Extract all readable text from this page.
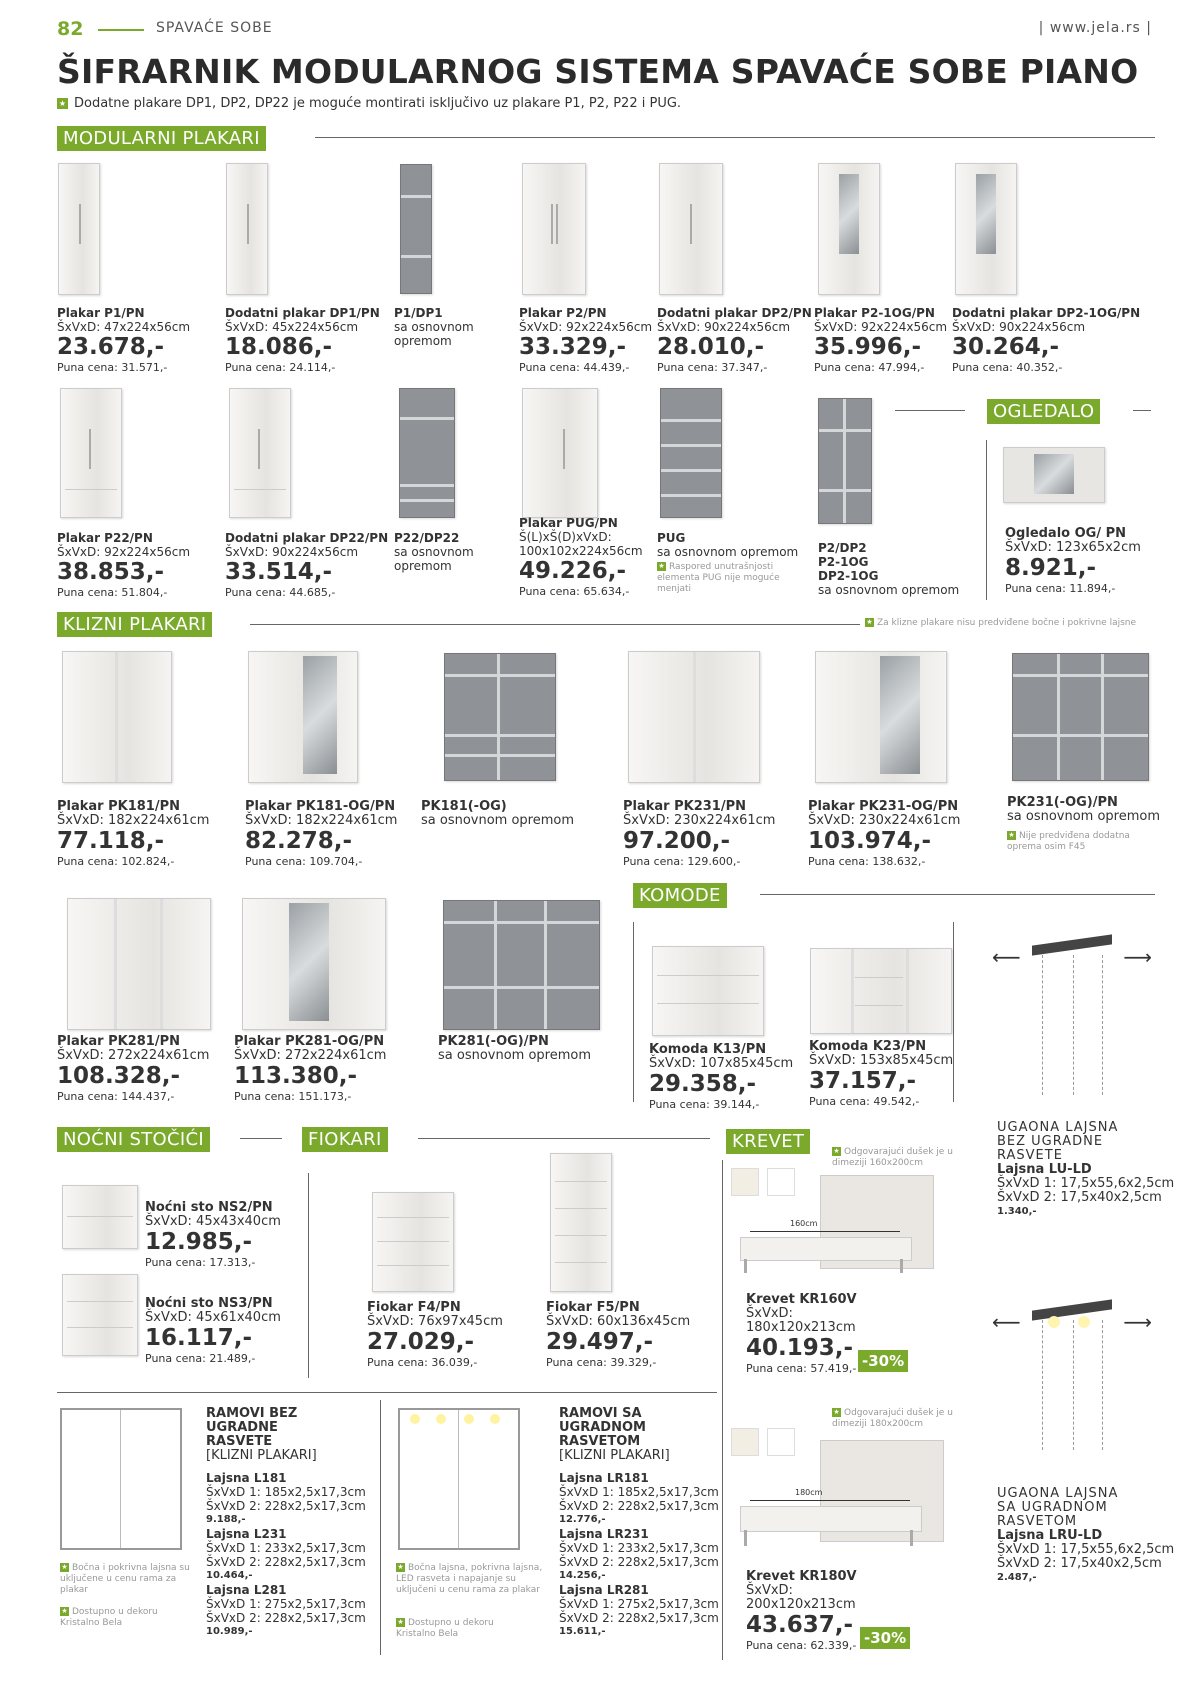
82	SPAVAĆE SOBE	| www.jela.rs |
ŠIFRARNIK MODULARNOG SISTEMA SPAVAĆE SOBE PIANO
★ Dodatne plakare DP1, DP2, DP22 je moguće montirati isključivo uz plakare P1, P2, P22 i PUG.
MODULARNI PLAKARI
Plakar P1/PN
ŠxVxD: 47x224x56cm
23.678,-
Puna cena: 31.571,-
Dodatni plakar DP1/PN
ŠxVxD: 45x224x56cm
18.086,-
Puna cena: 24.114,-
P1/DP1
sa osnovnom
opremom
Plakar P2/PN
ŠxVxD: 92x224x56cm
33.329,-
Puna cena: 44.439,-
Dodatni plakar DP2/PN
ŠxVxD: 90x224x56cm
28.010,-
Puna cena: 37.347,-
Plakar P2-1OG/PN
ŠxVxD: 92x224x56cm
35.996,-
Puna cena: 47.994,-
Dodatni plakar DP2-1OG/PN
ŠxVxD: 90x224x56cm
30.264,-
Puna cena: 40.352,-
OGLEDALO
Plakar P22/PN
ŠxVxD: 92x224x56cm
38.853,-
Puna cena: 51.804,-
Dodatni plakar DP22/PN
ŠxVxD: 90x224x56cm
33.514,-
Puna cena: 44.685,-
P22/DP22
sa osnovnom
opremom
Plakar PUG/PN
Š(L)xŠ(D)xVxD:
100x102x224x56cm
49.226,-
Puna cena: 65.634,-
PUG
sa osnovnom opremom
★ Raspored unutrašnjosti elementa PUG nije moguće menjati
P2/DP2
P2-1OG
DP2-1OG
sa osnovnom opremom
Ogledalo OG/ PN
ŠxVxD: 123x65x2cm
8.921,-
Puna cena: 11.894,-
KLIZNI PLAKARI	★ Za klizne plakare nisu predviđene bočne i pokrivne lajsne
Plakar PK181/PN
ŠxVxD: 182x224x61cm
77.118,-
Puna cena: 102.824,-
Plakar PK181-OG/PN
ŠxVxD: 182x224x61cm
82.278,-
Puna cena: 109.704,-
PK181(-OG)
sa osnovnom opremom
Plakar PK231/PN
ŠxVxD: 230x224x61cm
97.200,-
Puna cena: 129.600,-
Plakar PK231-OG/PN
ŠxVxD: 230x224x61cm
103.974,-
Puna cena: 138.632,-
PK231(-OG)/PN
sa osnovnom opremom
★ Nije predviđena dodatna oprema osim F45
KOMODE
Plakar PK281/PN
ŠxVxD: 272x224x61cm
108.328,-
Puna cena: 144.437,-
Plakar PK281-OG/PN
ŠxVxD: 272x224x61cm
113.380,-
Puna cena: 151.173,-
PK281(-OG)/PN
sa osnovnom opremom	Komoda K13/PN
ŠxVxD: 107x85x45cm
29.358,-
Puna cena: 39.144,-
Komoda K23/PN
ŠxVxD: 153x85x45cm
37.157,-
Puna cena: 49.542,-
⟵	⟶
UGAONA LAJSNA
BEZ UGRADNE
RASVETE
Lajsna LU-LD
ŠxVxD 1: 17,5x55,6x2,5cm
ŠxVxD 2: 17,5x40x2,5cm
1.340,-
NOĆNI STOČIĆI	FIOKARI	KREVET
Noćni sto NS2/PN
ŠxVxD: 45x43x40cm
12.985,-
Puna cena: 17.313,-
Noćni sto NS3/PN
ŠxVxD: 45x61x40cm
16.117,-
Puna cena: 21.489,-
Fiokar F4/PN
ŠxVxD: 76x97x45cm
27.029,-
Puna cena: 36.039,-
Fiokar F5/PN
ŠxVxD: 60x136x45cm
29.497,-
Puna cena: 39.329,-
★ Odgovarajući dušek je u dimeziji 160x200cm
160cm
Krevet KR160V
ŠxVxD:
180x120x213cm
40.193,-
Puna cena: 57.419,- -30%
⟵	⟶
UGAONA LAJSNA
SA UGRADNOM
RASVETOM
Lajsna LRU-LD
ŠxVxD 1: 17,5x55,6x2,5cm
ŠxVxD 2: 17,5x40x2,5cm
2.487,-
★ Bočna i pokrivna lajsna su uključene u cenu rama za plakar
★ Dostupno u dekoru Kristalno Bela
RAMOVI BEZ
UGRADNE
RASVETE
[KLIZNI PLAKARI]
Lajsna L181
ŠxVxD 1: 185x2,5x17,3cm
ŠxVxD 2: 228x2,5x17,3cm
9.188,-
Lajsna L231
ŠxVxD 1: 233x2,5x17,3cm
ŠxVxD 2: 228x2,5x17,3cm
10.464,-
Lajsna L281
ŠxVxD 1: 275x2,5x17,3cm
ŠxVxD 2: 228x2,5x17,3cm
10.989,-
★ Bočna lajsna, pokrivna lajsna, LED rasveta i napajanje su uključeni u cenu rama za plakar
★ Dostupno u dekoru Kristalno Bela
RAMOVI SA
UGRADNOM
RASVETOM
[KLIZNI PLAKARI]
Lajsna LR181
ŠxVxD 1: 185x2,5x17,3cm
ŠxVxD 2: 228x2,5x17,3cm
12.776,-
Lajsna LR231
ŠxVxD 1: 233x2,5x17,3cm
ŠxVxD 2: 228x2,5x17,3cm
14.256,-
Lajsna LR281
ŠxVxD 1: 275x2,5x17,3cm
ŠxVxD 2: 228x2,5x17,3cm
15.611,-
★ Odgovarajući dušek je u dimeziji 180x200cm
180cm
Krevet KR180V
ŠxVxD:
200x120x213cm
43.637,-
Puna cena: 62.339,- -30%
